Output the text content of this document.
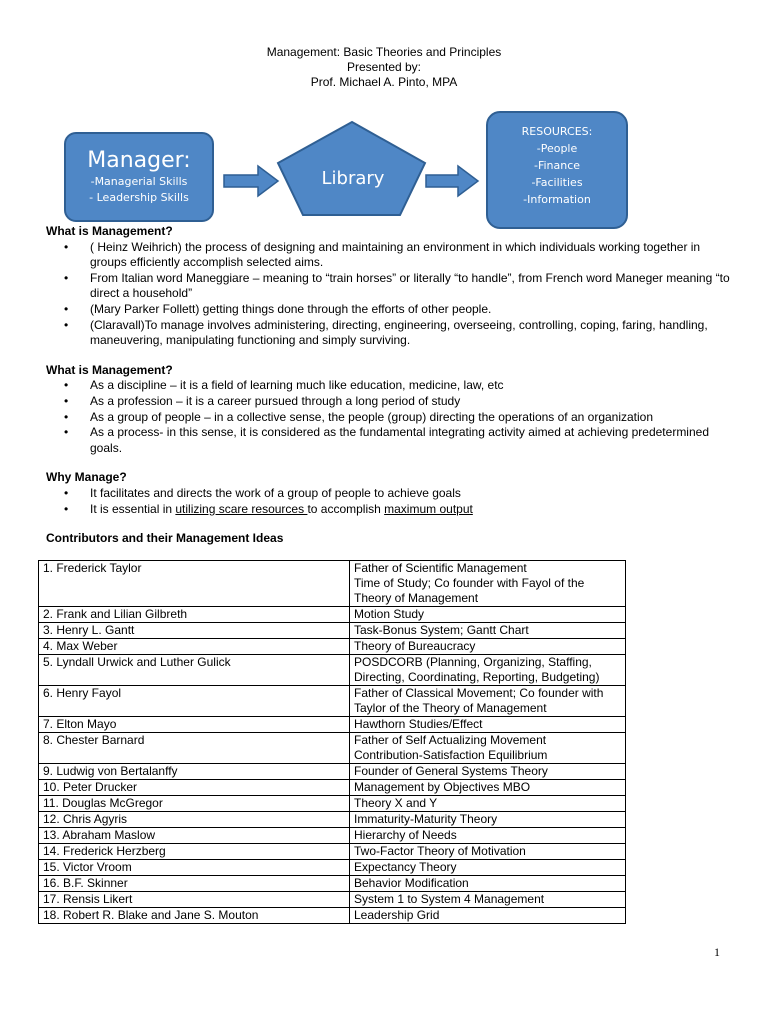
Management: Basic Theories and Principles
Presented by:
Prof. Michael A. Pinto, MPA
Manager:
-Managerial Skills
- Leadership Skills
Library
RESOURCES:
-People
-Finance
-Facilities
-Information
What is Management?
• ( Heinz Weihrich) the process of designing and maintaining an environment in which individuals working together in groups efficiently accomplish selected aims.
• From Italian word Maneggiare – meaning to “train horses” or literally “to handle”, from French word Maneger meaning “to direct a household”
• (Mary Parker Follett) getting things done through the efforts of other people.
• (Claravall)To manage involves administering, directing, engineering, overseeing, controlling, coping, faring, handling, maneuvering, manipulating functioning and simply surviving.
What is Management?
• As a discipline – it is a field of learning much like education, medicine, law, etc
• As a profession – it is a career pursued through a long period of study
• As a group of people – in a collective sense, the people (group) directing the operations of an organization
• As a process- in this sense, it is considered as the fundamental integrating activity aimed at achieving predetermined goals.
Why Manage?
• It facilitates and directs the work of a group of people to achieve goals
• It is essential in utilizing scare resources to accomplish maximum output
Contributors and their Management Ideas
1. Frederick Taylor	Father of Scientific Management
Time of Study; Co founder with Fayol of the Theory of Management
2. Frank and Lilian Gilbreth	Motion Study
3. Henry L. Gantt	Task-Bonus System; Gantt Chart
4. Max Weber	Theory of Bureaucracy
5. Lyndall Urwick and Luther Gulick	POSDCORB (Planning, Organizing, Staffing, Directing, Coordinating, Reporting, Budgeting)
6. Henry Fayol	Father of Classical Movement; Co founder with Taylor of the Theory of Management

7. Elton Mayo	Hawthorn Studies/Effect
8. Chester Barnard	Father of Self Actualizing Movement
Contribution-Satisfaction Equilibrium
9. Ludwig von Bertalanffy	Founder of General Systems Theory
10. Peter Drucker	Management by Objectives MBO
11. Douglas McGregor	Theory X and Y
12. Chris Agyris	Immaturity-Maturity Theory
13. Abraham Maslow	Hierarchy of Needs
14. Frederick Herzberg	Two-Factor Theory of Motivation
15. Victor Vroom	Expectancy Theory
16. B.F. Skinner	Behavior Modification
17. Rensis Likert	System 1 to System 4 Management
18. Robert R. Blake and Jane S. Mouton	Leadership Grid
1
